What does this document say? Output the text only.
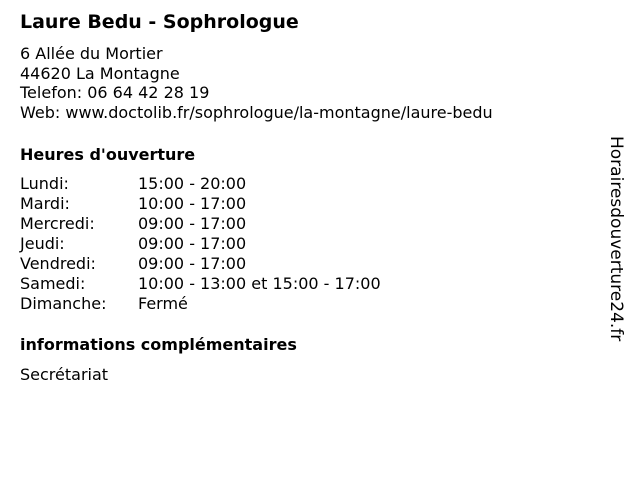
Laure Bedu - Sophrologue
6 Allée du Mortier
44620 La Montagne
Telefon: 06 64 42 28 19
Web: www.doctolib.fr/sophrologue/la-montagne/laure-bedu
Heures d'ouverture
Lundi:	15:00 - 20:00
Mardi:	10:00 - 17:00
Mercredi:	09:00 - 17:00
Jeudi:	09:00 - 17:00
Vendredi:	09:00 - 17:00
Samedi:	10:00 - 13:00 et 15:00 - 17:00
Dimanche: Fermé
informations complémentaires
Secrétariat
Horairesdouverture24.fr
